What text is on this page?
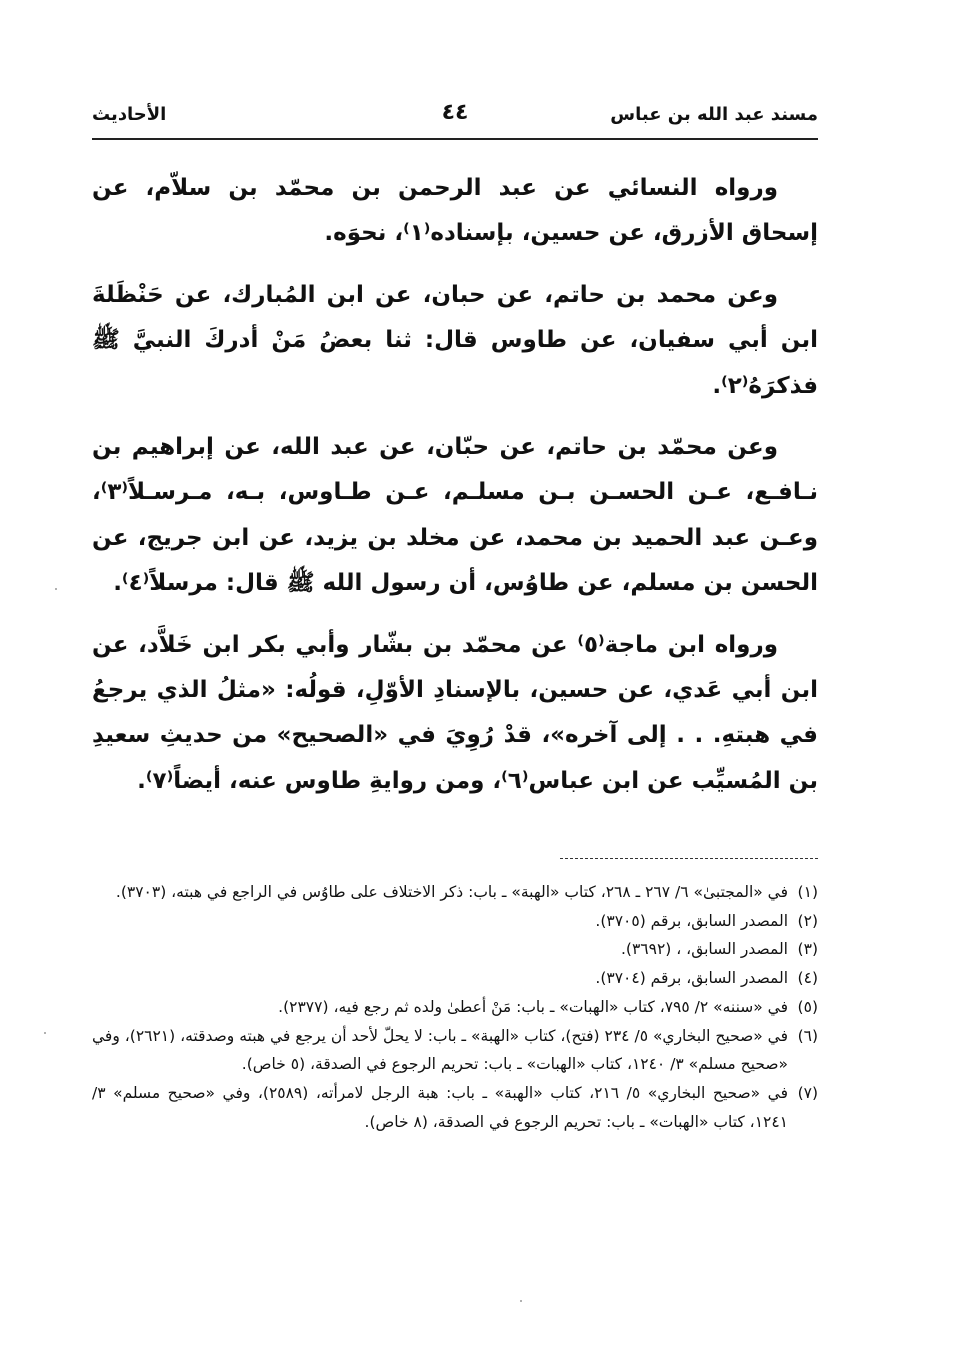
مسند عبد الله بن عباس
٤٤
الأحاديث

ورواه النسائي عن عبد الرحمن بن محمّد بن سلاّم، عن إسحاق الأزرق، عن حسين، بإسناده⁽١⁾، نحوَه.

وعن محمد بن حاتم، عن حبان، عن ابن المُبارك، عن حَنْظَلةَ ابن أبي سفيان، عن طاوس قال: ثنا بعضُ مَنْ أدركَ النبيَّ ﷺ فذكرَهُ⁽٢⁾.

وعن محمّد بن حاتم، عن حبّان، عن عبد الله، عن إبراهيم بن نـافـع، عـن الحسـن بـن مسلـم، عـن طـاوس، بـه، مـرسـلاً⁽٣⁾، وعـن عبد الحميد بن محمد، عن مخلد بن يزيد، عن ابن جريج، عن الحسن بن مسلم، عن طاوُس، أن رسول الله ﷺ قال: مرسلاً⁽٤⁾.

ورواه ابن ماجة⁽٥⁾ عن محمّد بن بشّار وأبي بكر ابن خَلاَّد، عن ابن أبي عَدي، عن حسين، بالإسنادِ الأوّلِ، قولُه: «مثلُ الذي يرجعُ في هبتهِ. . . إلى آخره»، قدْ رُوِيَ في «الصحيح» من حديثِ سعيدِ بن المُسيِّب عن ابن عباس⁽٦⁾، ومن روايةِ طاوس عنه، أيضاً⁽٧⁾.

(١)في «المجتبىٰ» ٦/ ٢٦٧ ـ ٢٦٨، كتاب «الهبة» ـ باب: ذكر الاختلاف على طاوُس في الراجع في هبته، (٣٧٠٣).

(٢)المصدر السابق، برقم (٣٧٠٥).

(٣)المصدر السابق، ، (٣٦٩٢).

(٤)المصدر السابق، برقم (٣٧٠٤).

(٥)في «سننه» ٢/ ٧٩٥، كتاب «الهبات» ـ باب: مَنْ أعطىٰ ولده ثم رجع فيه، (٢٣٧٧).

(٦)في «صحيح البخاري» ٥/ ٢٣٤ (فتح)، كتاب «الهبة» ـ باب: لا يحلّ لأحد أن يرجع في هبته وصدقته، (٢٦٢١)، وفي «صحيح مسلم» ٣/ ١٢٤٠، كتاب «الهبات» ـ باب: تحريم الرجوع في الصدقة، (٥ خاص).

(٧)في «صحيح البخاري» ٥/ ٢١٦، كتاب «الهبة» ـ باب: هبة الرجل لامرأته، (٢٥٨٩)، وفي «صحيح مسلم» ٣/ ١٢٤١، كتاب «الهبات» ـ باب: تحريم الرجوع في الصدقة، (٨ خاص).
